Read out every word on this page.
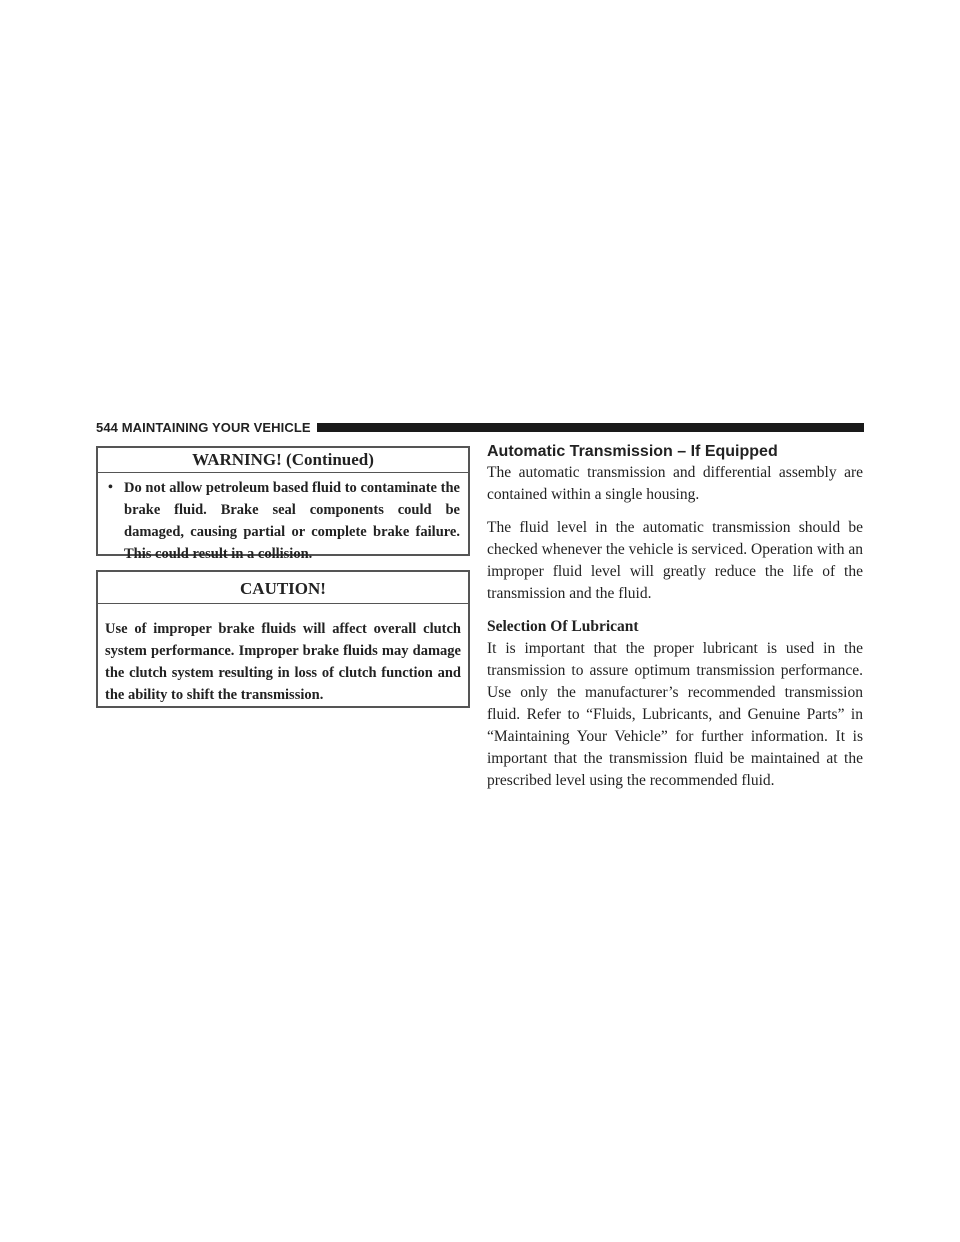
544 MAINTAINING YOUR VEHICLE
WARNING! (Continued)
• Do not allow petroleum based fluid to contaminate the brake fluid. Brake seal components could be damaged, causing partial or complete brake failure. This could result in a collision.
CAUTION!
Use of improper brake fluids will affect overall clutch system performance. Improper brake fluids may damage the clutch system resulting in loss of clutch function and the ability to shift the transmission.
Automatic Transmission – If Equipped

The automatic transmission and differential assembly are contained within a single housing.

The fluid level in the automatic transmission should be checked whenever the vehicle is serviced. Operation with an improper fluid level will greatly reduce the life of the transmission and the fluid.

Selection Of Lubricant

It is important that the proper lubricant is used in the transmission to assure optimum transmission performance. Use only the manufacturer’s recommended transmission fluid. Refer to “Fluids, Lubricants, and Genuine Parts” in “Maintaining Your Vehicle” for further information. It is important that the transmission fluid be maintained at the prescribed level using the recommended fluid.
